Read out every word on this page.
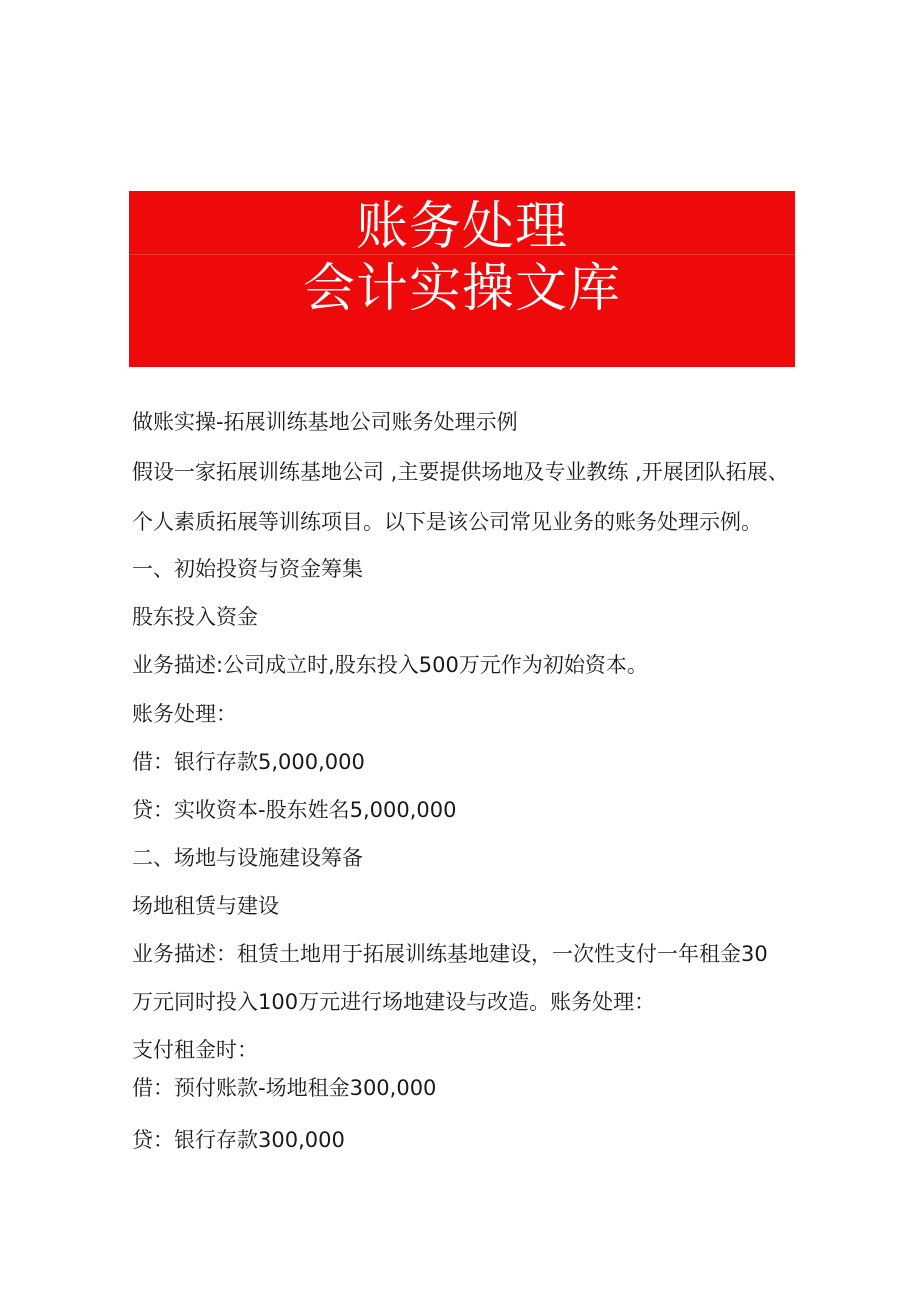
账务处理
会计实操文库
做账实操-拓展训练基地公司账务处理示例
假设一家拓展训练基地公司 ,主要提供场地及专业教练 ,开展团队拓展、
个人素质拓展等训练项目。以下是该公司常见业务的账务处理示例。
一、初始投资与资金筹集
股东投入资金
业务描述:公司成立时,股东投入500万元作为初始资本。
账务处理：
借：银行存款5,000,000
贷：实收资本-股东姓名5,000,000
二、场地与设施建设筹备
场地租赁与建设
业务描述：租赁土地用于拓展训练基地建设，一次性支付一年租金30
万元同时投入100万元进行场地建设与改造。账务处理：
支付租金时：
借：预付账款-场地租金300,000
贷：银行存款300,000
